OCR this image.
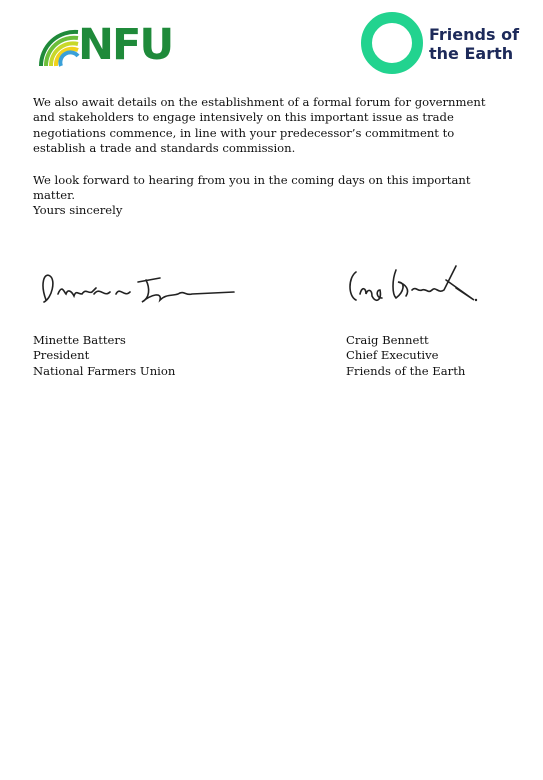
NFU	Friends of
the Earth

We also await details on the establishment of a formal forum for government and stakeholders to engage intensively on this important issue as trade negotiations commence, in line with your predecessor’s commitment to establish a trade and standards commission.

We look forward to hearing from you in the coming days on this important matter.

Yours sincerely

Minette Batters
President
National Farmers Union
Craig Bennett
Chief Executive
Friends of the Earth
